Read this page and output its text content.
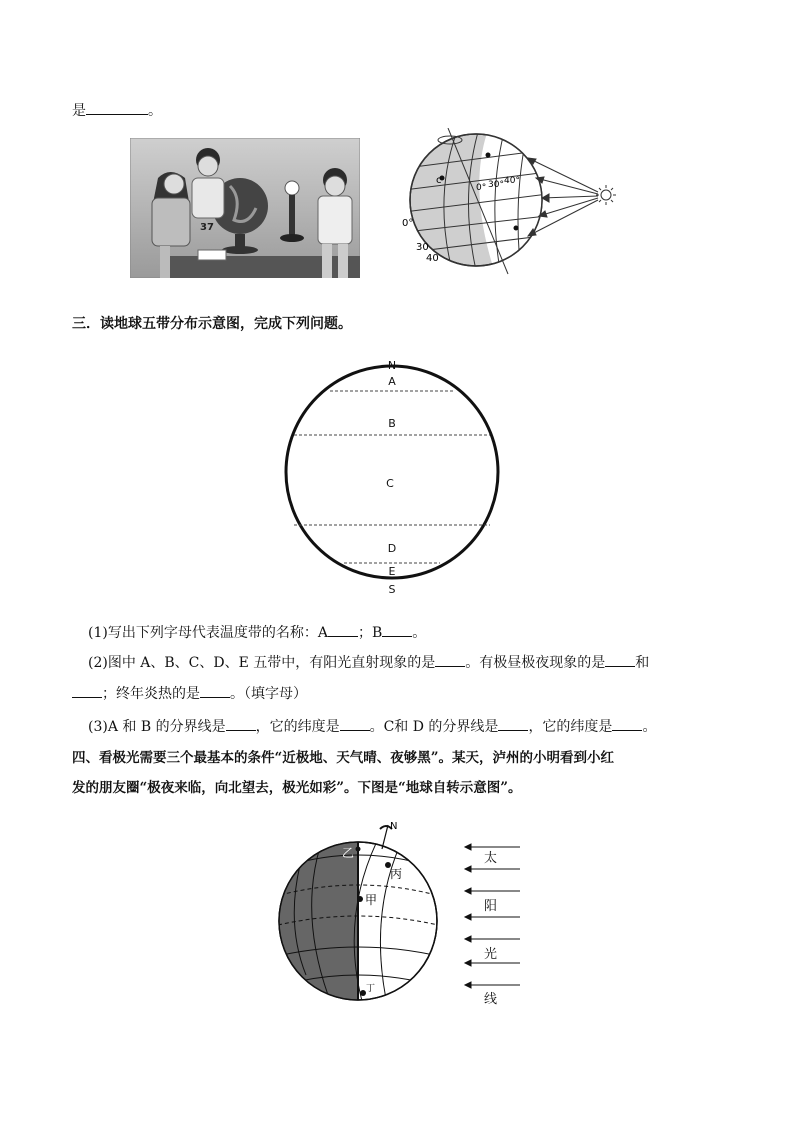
是	。
37
c
0° 30° 40°
0°
30
40
三．读地球五带分布示意图，完成下列问题。
N
A
B
C
D
E
S
(1)写出下列字母代表温度带的名称：A ；B 。
(2)图中 A、B、C、D、E 五带中，有阳光直射现象的是 。有极昼极夜现象的是 和
；终年炎热的是 。（填字母）
(3)A 和 B 的分界线是 ，它的纬度是 。C和 D 的分界线是 ，它的纬度是 。
四、看极光需要三个最基本的条件“近极地、天气晴、夜够黑”。某天，泸州的小明看到小红
发的朋友圈“极夜来临，向北望去，极光如彩”。下图是“地球自转示意图”。
N
乙
丙
甲
丁
太
阳
光
线
